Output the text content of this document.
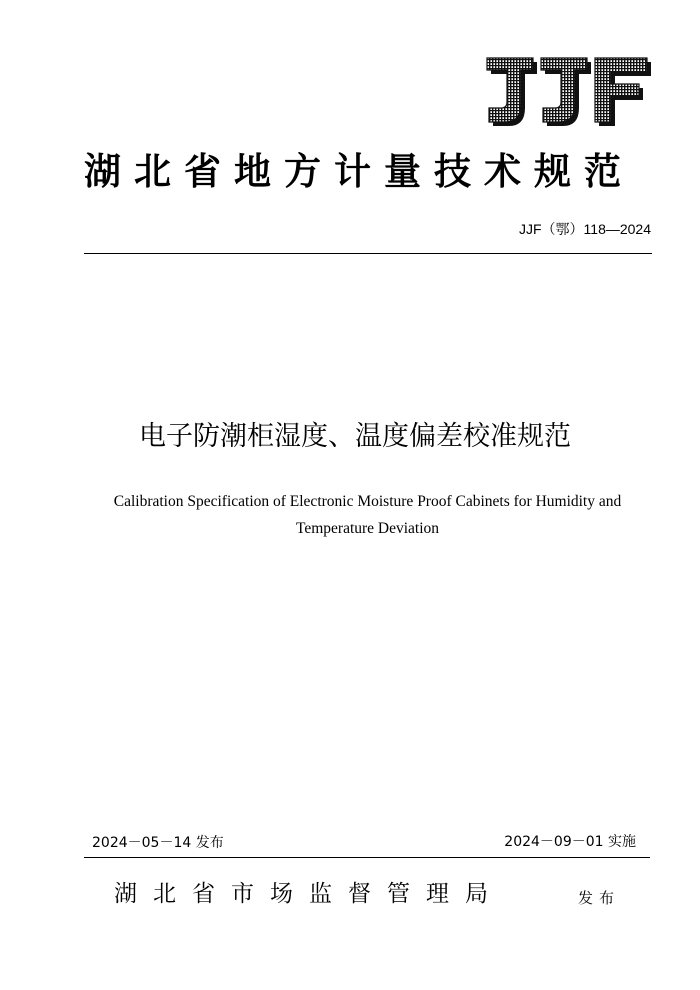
湖北省地方计量技术规范
JJF（鄂）118—2024
电子防潮柜湿度、温度偏差校准规范
Calibration Specification of Electronic Moisture Proof Cabinets for Humidity and Temperature Deviation
2024－05－14 发布	2024－09－01 实施
湖北省市场监督管理局	发布
